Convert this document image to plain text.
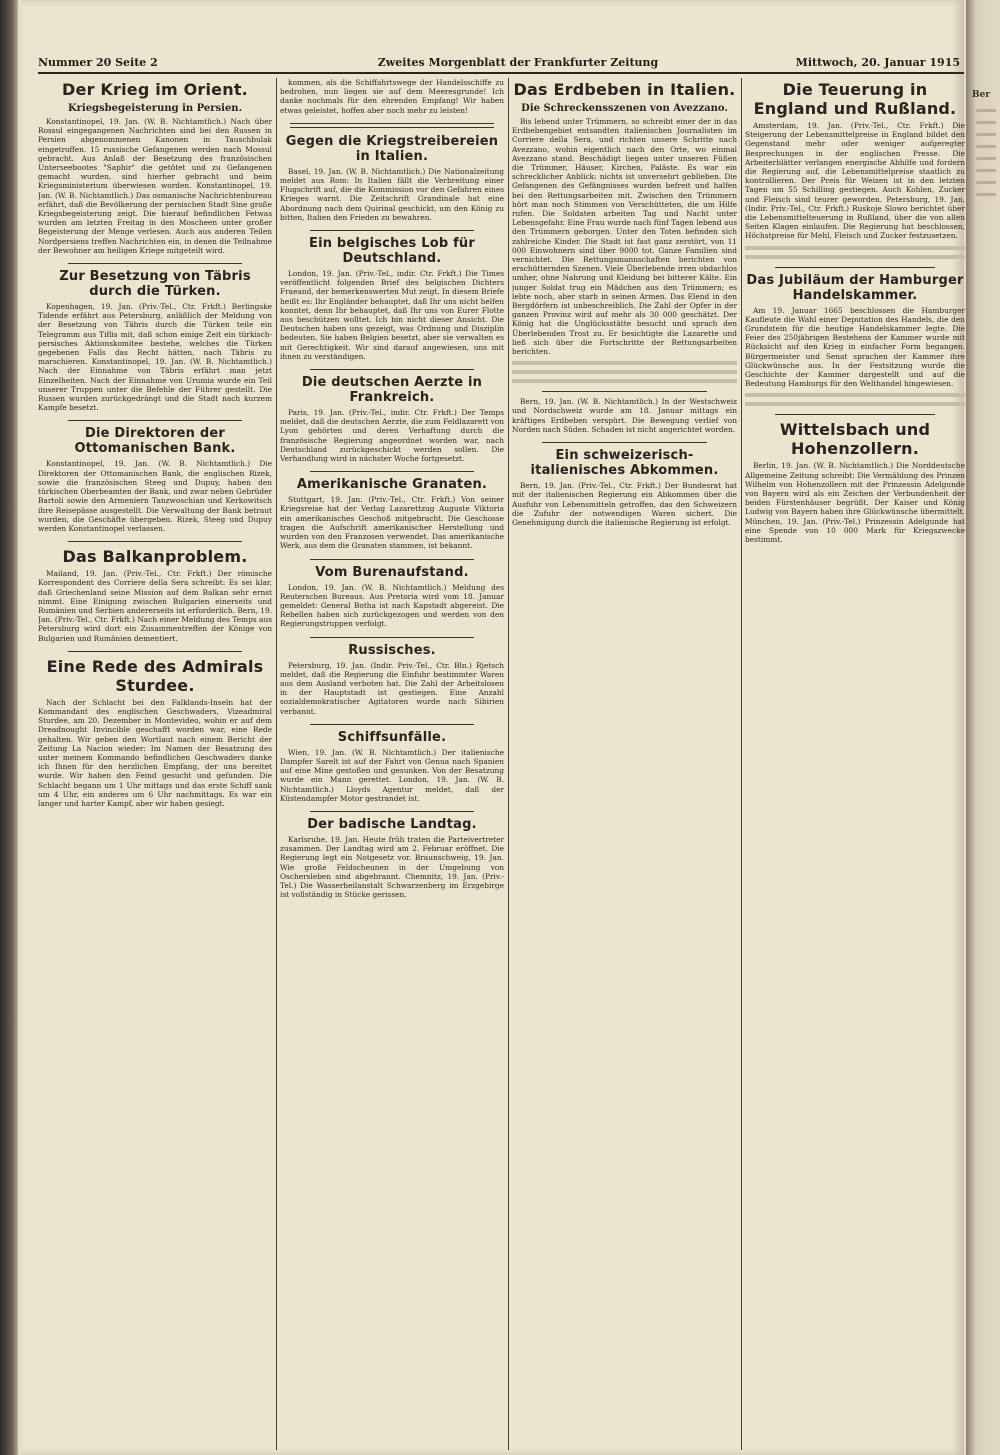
Nummer 20 Seite 2	Zweites Morgenblatt der Frankfurter Zeitung	Mittwoch, 20. Januar 1915
Der Krieg im Orient.
Kriegsbegeisterung in Persien.

Konstantinopel, 19. Jan. (W. B. Nichtamtlich.) Nach über Rossul eingegangenen Nachrichten sind bei den Russen in Persien abgenommenen Kanonen in Tauschbulak eingetroffen. 15 russische Gefangenen werden nach Mossul gebracht. Aus Anlaß der Besetzung des französischen Unterseebootes "Saphir" die getötet und zu Gefangenen gemacht wurden, sind hierher gebracht und beim Kriegsministerium überwiesen worden. Konstantinopel, 19. Jan. (W. B. Nichtamtlich.) Das osmanische Nachrichtenbureau erfährt, daß die Bevölkerung der persischen Stadt Sine große Kriegsbegeisterung zeigt. Die hierauf befindlichen Fetwas wurden am letzten Freitag in den Moscheen unter großer Begeisterung der Menge verlesen. Auch aus anderen Teilen Nordpersiens treffen Nachrichten ein, in denen die Teilnahme der Bewohner am heiligen Kriege mitgeteilt wird.

Zur Besetzung von Täbris durch die Türken.

Kopenhagen, 19. Jan. (Priv.-Tel., Ctr. Frkft.) Berlingske Tidende erfährt aus Petersburg, anläßlich der Meldung von der Besetzung von Täbris durch die Türken teile ein Telegramm aus Tiflis mit, daß schon einige Zeit ein türkisch-persisches Aktionskomitee bestehe, welches die Türken gegebenen Falls das Recht hätten, nach Täbris zu marschieren. Konstantinopel, 19. Jan. (W. B. Nichtamtlich.) Nach der Einnahme von Täbris erfährt man jetzt Einzelheiten. Nach der Einnahme von Urumia wurde ein Teil unserer Truppen unter die Befehle der Führer gestellt. Die Russen wurden zurückgedrängt und die Stadt nach kurzem Kampfe besetzt.

Die Direktoren der Ottomanischen Bank.

Konstantinopel, 19. Jan. (W. B. Nichtamtlich.) Die Direktoren der Ottomanischen Bank, die englischen Rizek, sowie die französischen Steeg und Dupuy, haben den türkischen Oberbeamten der Bank, und zwar neben Gebrüder Bartoli sowie den Armeniern Tanzwoschian und Kerkowitsch ihre Reisepässe ausgestellt. Die Verwaltung der Bank betraut wurden, die Geschäfte übergeben. Rizek, Steeg und Dupuy werden Konstantinopel verlassen.

Das Balkanproblem.

Mailand, 19. Jan. (Priv.-Tel., Ctr. Frkft.) Der römische Korrespondent des Corriere della Sera schreibt: Es sei klar, daß Griechenland seine Mission auf dem Balkan sehr ernst nimmt. Eine Einigung zwischen Bulgarien einerseits und Rumänien und Serbien andererseits ist erforderlich. Bern, 19. Jan. (Priv.-Tel., Ctr. Frkft.) Nach einer Meldung des Temps aus Petersburg wird dort ein Zusammentreffen der Könige von Bulgarien und Rumänien dementiert.

Eine Rede des Admirals Sturdee.

Nach der Schlacht bei den Falklands-Inseln hat der Kommandant des englischen Geschwaders, Vizeadmiral Sturdee, am 20. Dezember in Montevideo, wohin er auf dem Dreadnought Invincible geschafft worden war, eine Rede gehalten. Wir geben den Wortlaut nach einem Bericht der Zeitung La Nacion wieder: Im Namen der Besatzung des unter meinem Kommando befindlichen Geschwaders danke ich Ihnen für den herzlichen Empfang, der uns bereitet wurde. Wir haben den Feind gesucht und gefunden. Die Schlacht begann um 1 Uhr mittags und das erste Schiff sank um 4 Uhr, ein anderes um 6 Uhr nachmittags. Es war ein langer und harter Kampf, aber wir haben gesiegt.

kommen, als die Schiffahrtswege der Handelsschiffe zu bedrohen, nun liegen sie auf dem Meeresgrunde! Ich danke nochmals für den ehrenden Empfang! Wir haben etwas geleistet, hoffen aber noch mehr zu leisten!

Gegen die Kriegstreibereien in Italien.

Basel, 19. Jan. (W. B. Nichtamtlich.) Die Nationalzeitung meldet aus Rom: In Italien fällt die Verbreitung einer Flugschrift auf, die die Kommission vor den Gefahren eines Krieges warnt. Die Zeitschrift Grandinale hat eine Abordnung nach dem Quirinal geschickt, um den König zu bitten, Italien den Frieden zu bewahren.

Ein belgisches Lob für Deutschland.

London, 19. Jan. (Priv.-Tel., indir. Ctr. Frkft.) Die Times veröffentlicht folgenden Brief des belgischen Dichters Fraeand, der bemerkenswerten Mut zeigt. In diesem Briefe heißt es: Ihr Engländer behauptet, daß Ihr uns nicht helfen konntet, denn Ihr behauptet, daß Ihr uns von Eurer Flotte aus beschützen wolltet. Ich bin nicht dieser Ansicht. Die Deutschen haben uns gezeigt, was Ordnung und Disziplin bedeuten. Sie haben Belgien besetzt, aber sie verwalten es mit Gerechtigkeit. Wir sind darauf angewiesen, uns mit ihnen zu verständigen.

Die deutschen Aerzte in Frankreich.

Paris, 19. Jan. (Priv.-Tel., indir. Ctr. Frkft.) Der Temps meldet, daß die deutschen Aerzte, die zum Feldlazarett von Lyon gehörten und deren Verhaftung durch die französische Regierung angeordnet worden war, nach Deutschland zurückgeschickt werden sollen. Die Verhandlung wird in nächster Woche fortgesetzt.

Amerikanische Granaten.

Stuttgart, 19. Jan. (Priv.-Tel., Ctr. Frkft.) Von seiner Kriegsreise hat der Verlag Lazarettzug Auguste Viktoria ein amerikanisches Geschoß mitgebracht. Die Geschosse tragen die Aufschrift amerikanischer Herstellung und wurden von den Franzosen verwendet. Das amerikanische Werk, aus dem die Granaten stammen, ist bekannt.

Vom Burenaufstand.

London, 19. Jan. (W. B. Nichtamtlich.) Meldung des Reuterschen Bureaus. Aus Pretoria wird vom 18. Januar gemeldet: General Botha ist nach Kapstadt abgereist. Die Rebellen haben sich zurückgezogen und werden von den Regierungstruppen verfolgt.

Russisches.

Petersburg, 19. Jan. (Indir. Priv.-Tel., Ctr. Bln.) Rjetsch meldet, daß die Regierung die Einfuhr bestimmter Waren aus dem Ausland verboten hat. Die Zahl der Arbeitslosen in der Hauptstadt ist gestiegen. Eine Anzahl sozialdemokratischer Agitatoren wurde nach Sibirien verbannt.

Schiffsunfälle.

Wien, 19. Jan. (W. B. Nichtamtlich.) Der italienische Dampfer Sarelt ist auf der Fahrt von Genua nach Spanien auf eine Mine gestoßen und gesunken. Von der Besatzung wurde ein Mann gerettet. London, 19. Jan. (W. B. Nichtamtlich.) Lloyds Agentur meldet, daß der Küstendampfer Motor gestrandet ist.

Der badische Landtag.

Karlsruhe, 19. Jan. Heute früh traten die Parteivertreter zusammen. Der Landtag wird am 2. Februar eröffnet. Die Regierung legt ein Notgesetz vor. Braunschweig, 19. Jan. Wie große Feldscheunen in der Umgebung von Oschersleben sind abgebrannt. Chemnitz, 19. Jan. (Priv.-Tel.) Die Wasserheilanstalt Schwarzenberg im Erzgebirge ist vollständig in Stücke gerissen.

Das Erdbeben in Italien.
Die Schreckensszenen von Avezzano.

Bis lebend unter Trümmern, so schreibt einer der in das Erdbebengebiet entsandten italienischen Journalisten im Corriere della Sera, und richten unsere Schritte nach Avezzano, wohin eigentlich nach den Orte, wo einmal Avezzano stand. Beschädigt liegen unter unseren Füßen die Trümmer, Häuser, Kirchen, Paläste. Es war ein schrecklicher Anblick: nichts ist unversehrt geblieben. Die Gefangenen des Gefängnisses wurden befreit und halfen bei den Rettungsarbeiten mit. Zwischen den Trümmern hört man noch Stimmen von Verschütteten, die um Hilfe rufen. Die Soldaten arbeiten Tag und Nacht unter Lebensgefahr. Eine Frau wurde nach fünf Tagen lebend aus den Trümmern geborgen. Unter den Toten befinden sich zahlreiche Kinder. Die Stadt ist fast ganz zerstört, von 11 000 Einwohnern sind über 9000 tot. Ganze Familien sind vernichtet. Die Rettungsmannschaften berichten von erschütternden Szenen. Viele Überlebende irren obdachlos umher, ohne Nahrung und Kleidung bei bitterer Kälte. Ein junger Soldat trug ein Mädchen aus den Trümmern; es lebte noch, aber starb in seinen Armen. Das Elend in den Bergdörfern ist unbeschreiblich. Die Zahl der Opfer in der ganzen Provinz wird auf mehr als 30 000 geschätzt. Der König hat die Unglücksstätte besucht und sprach den Überlebenden Trost zu. Er besichtigte die Lazarette und ließ sich über die Fortschritte der Rettungsarbeiten berichten.

Bern, 19. Jan. (W. B. Nichtamtlich.) In der Westschweiz und Nordschweiz wurde am 18. Januar mittags ein kräftiges Erdbeben verspürt. Die Bewegung verlief von Norden nach Süden. Schaden ist nicht angerichtet worden.

Ein schweizerisch-italienisches Abkommen.

Bern, 19. Jan. (Priv.-Tel., Ctr. Frkft.) Der Bundesrat hat mit der italienischen Regierung ein Abkommen über die Ausfuhr von Lebensmitteln getroffen, das den Schweizern die Zufuhr der notwendigen Waren sichert. Die Genehmigung durch die italienische Regierung ist erfolgt.

Die Teuerung in England und Rußland.

Amsterdam, 19. Jan. (Priv.-Tel., Ctr. Frkft.) Die Steigerung der Lebensmittelpreise in England bildet den Gegenstand mehr oder weniger aufgeregter Besprechungen in der englischen Presse. Die Arbeiterblätter verlangen energische Abhilfe und fordern die Regierung auf, die Lebensmittelpreise staatlich zu kontrollieren. Der Preis für Weizen ist in den letzten Tagen um 55 Schilling gestiegen. Auch Kohlen, Zucker und Fleisch sind teurer geworden. Petersburg, 19. Jan. (Indir. Priv.-Tel., Ctr. Frkft.) Ruskoje Slowo berichtet über die Lebensmittelteuerung in Rußland, über die von allen Seiten Klagen einlaufen. Die Regierung hat beschlossen, Höchstpreise für Mehl, Fleisch und Zucker festzusetzen.

Das Jubiläum der Hamburger Handelskammer.

Am 19. Januar 1665 beschlossen die Hamburger Kaufleute die Wahl einer Deputation des Handels, die den Grundstein für die heutige Handelskammer legte. Die Feier des 250jährigen Bestehens der Kammer wurde mit Rücksicht auf den Krieg in einfacher Form begangen. Bürgermeister und Senat sprachen der Kammer ihre Glückwünsche aus. In der Festsitzung wurde die Geschichte der Kammer dargestellt und auf die Bedeutung Hamburgs für den Welthandel hingewiesen.

Wittelsbach und Hohenzollern.

Berlin, 19. Jan. (W. B. Nichtamtlich.) Die Norddeutsche Allgemeine Zeitung schreibt: Die Vermählung des Prinzen Wilhelm von Hohenzollern mit der Prinzessin Adelgunde von Bayern wird als ein Zeichen der Verbundenheit der beiden Fürstenhäuser begrüßt. Der Kaiser und König Ludwig von Bayern haben ihre Glückwünsche übermittelt. München, 19. Jan. (Priv.-Tel.) Prinzessin Adelgunde hat eine Spende von 10 000 Mark für Kriegszwecke bestimmt.

Ber
